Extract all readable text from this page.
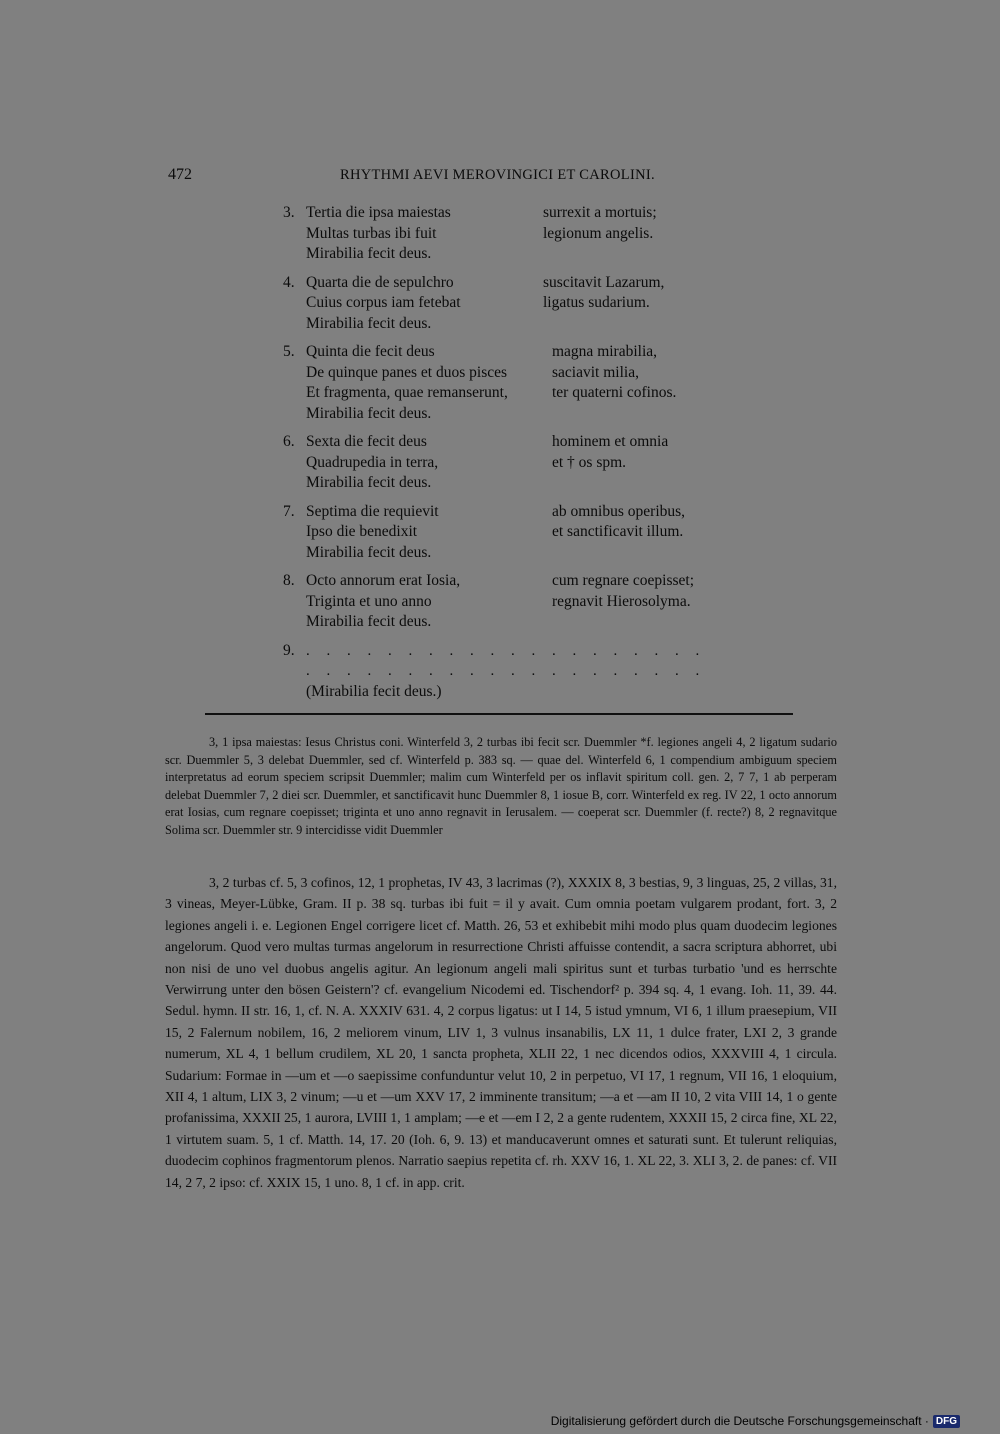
472	RHYTHMI AEVI MEROVINGICI ET CAROLINI.
3. Tertia die ipsa maiestas	surrexit a mortuis;
Multas turbas ibi fuit	legionum angelis.
Mirabilia fecit deus.
4. Quarta die de sepulchro	suscitavit Lazarum,
Cuius corpus iam fetebat	ligatus sudarium.
Mirabilia fecit deus.
5. Quinta die fecit deus	magna mirabilia,
De quinque panes et duos pisces	saciavit milia,
Et fragmenta, quae remanserunt,	ter quaterni cofinos.
Mirabilia fecit deus.
6. Sexta die fecit deus	hominem et omnia
Quadrupedia in terra,	et † os spm.
Mirabilia fecit deus.
7. Septima die requievit	ab omnibus operibus,
Ipso die benedixit	et sanctificavit illum.
Mirabilia fecit deus.
8. Octo annorum erat Iosia,	cum regnare coepisset;
Triginta et uno anno	regnavit Hierosolyma.
Mirabilia fecit deus.
9. . . . . . . . . . . . . . . . . . . . .
. . . . . . . . . . . . . . . . . . . .
(Mirabilia fecit deus.)

3, 1 ipsa maiestas: Iesus Christus coni. Winterfeld 3, 2 turbas ibi fecit scr. Duemmler *f. legiones angeli 4, 2 ligatum sudario scr. Duemmler 5, 3 delebat Duemmler, sed cf. Winterfeld p. 383 sq. — quae del. Winterfeld 6, 1 compendium ambiguum speciem interpretatus ad eorum speciem scripsit Duemmler; malim cum Winterfeld per os inflavit spiritum coll. gen. 2, 7 7, 1 ab perperam delebat Duemmler 7, 2 diei scr. Duemmler, et sanctificavit hunc Duemmler 8, 1 iosue B, corr. Winterfeld ex reg. IV 22, 1 octo annorum erat Iosias, cum regnare coepisset; triginta et uno anno regnavit in Ierusalem. — coeperat scr. Duemmler (f. recte?) 8, 2 regnavitque Solima scr. Duemmler str. 9 intercidisse vidit Duemmler

3, 2 turbas cf. 5, 3 cofinos, 12, 1 prophetas, IV 43, 3 lacrimas (?), XXXIX 8, 3 bestias, 9, 3 linguas, 25, 2 villas, 31, 3 vineas, Meyer-Lübke, Gram. II p. 38 sq. turbas ibi fuit = il y avait. Cum omnia poetam vulgarem prodant, fort. 3, 2 legiones angeli i. e. Legionen Engel corrigere licet cf. Matth. 26, 53 et exhibebit mihi modo plus quam duodecim legiones angelorum. Quod vero multas turmas angelorum in resurrectione Christi affuisse contendit, a sacra scriptura abhorret, ubi non nisi de uno vel duobus angelis agitur. An legionum angeli mali spiritus sunt et turbas turbatio 'und es herrschte Verwirrung unter den bösen Geistern'? cf. evangelium Nicodemi ed. Tischendorf² p. 394 sq. 4, 1 evang. Ioh. 11, 39. 44. Sedul. hymn. II str. 16, 1, cf. N. A. XXXIV 631. 4, 2 corpus ligatus: ut I 14, 5 istud ymnum, VI 6, 1 illum praesepium, VII 15, 2 Falernum nobilem, 16, 2 meliorem vinum, LIV 1, 3 vulnus insanabilis, LX 11, 1 dulce frater, LXI 2, 3 grande numerum, XL 4, 1 bellum crudilem, XL 20, 1 sancta propheta, XLII 22, 1 nec dicendos odios, XXXVIII 4, 1 circula. Sudarium: Formae in —um et —o saepissime confunduntur velut 10, 2 in perpetuo, VI 17, 1 regnum, VII 16, 1 eloquium, XII 4, 1 altum, LIX 3, 2 vinum; —u et —um XXV 17, 2 imminente transitum; —a et —am II 10, 2 vita VIII 14, 1 o gente profanissima, XXXII 25, 1 aurora, LVIII 1, 1 amplam; —e et —em I 2, 2 a gente rudentem, XXXII 15, 2 circa fine, XL 22, 1 virtutem suam. 5, 1 cf. Matth. 14, 17. 20 (Ioh. 6, 9. 13) et manducaverunt omnes et saturati sunt. Et tulerunt reliquias, duodecim cophinos fragmentorum plenos. Narratio saepius repetita cf. rh. XXV 16, 1. XL 22, 3. XLI 3, 2. de panes: cf. VII 14, 2 7, 2 ipso: cf. XXIX 15, 1 uno. 8, 1 cf. in app. crit.

Digitalisierung gefördert durch die Deutsche Forschungsgemeinschaft · DFG
